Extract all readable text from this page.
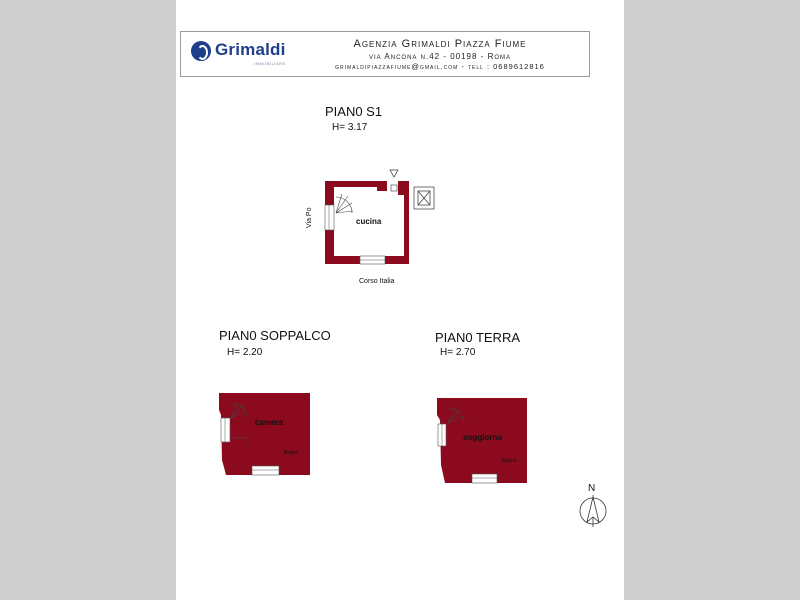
Grimaldi
IMMOBILIARE
Agenzia Grimaldi Piazza Fiume
via Ancona n.42 - 00198 - Roma
grimaldipiazzafiume@gmail.com - tell : 0689612816
PIAN0 S1
H= 3.17
cucina
Via Po
Corso Italia
PIAN0 SOPPALCO
H= 2.20
camera
Bagno
PIAN0 TERRA
H= 2.70
soggiorno
Bagno
N
